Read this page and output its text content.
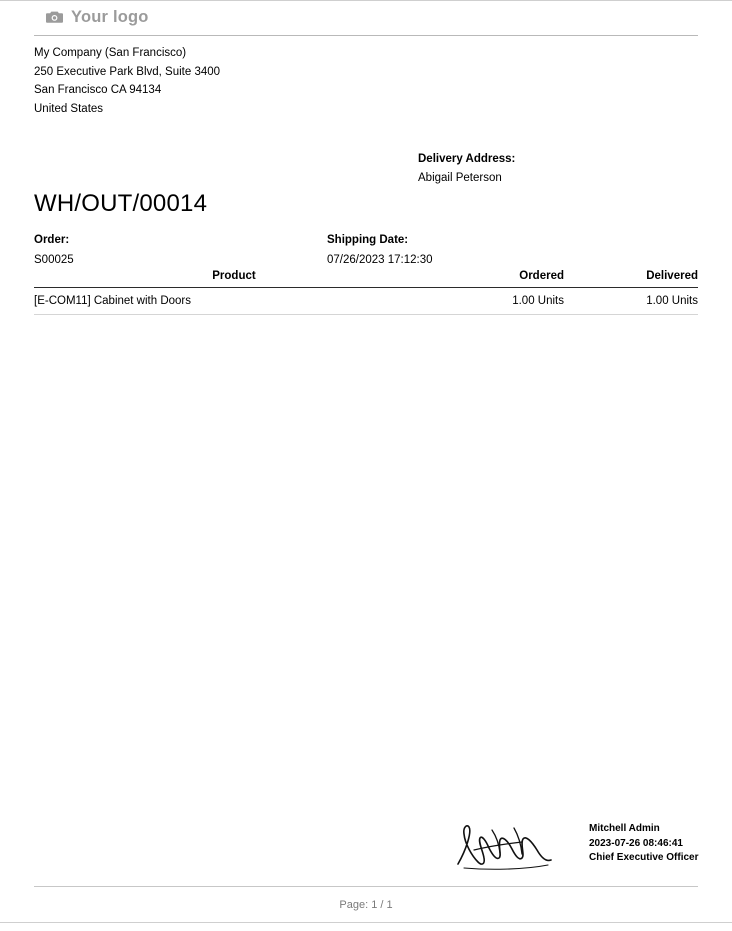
Your logo
My Company (San Francisco)
250 Executive Park Blvd, Suite 3400
San Francisco CA 94134
United States
Delivery Address:
Abigail Peterson
WH/OUT/00014
Order:
S00025
Shipping Date:
07/26/2023 17:12:30
Product	Ordered	Delivered
[E-COM11] Cabinet with Doors	1.00 Units	1.00 Units
Mitchell Admin
2023-07-26 08:46:41
Chief Executive Officer
Page: 1 / 1
